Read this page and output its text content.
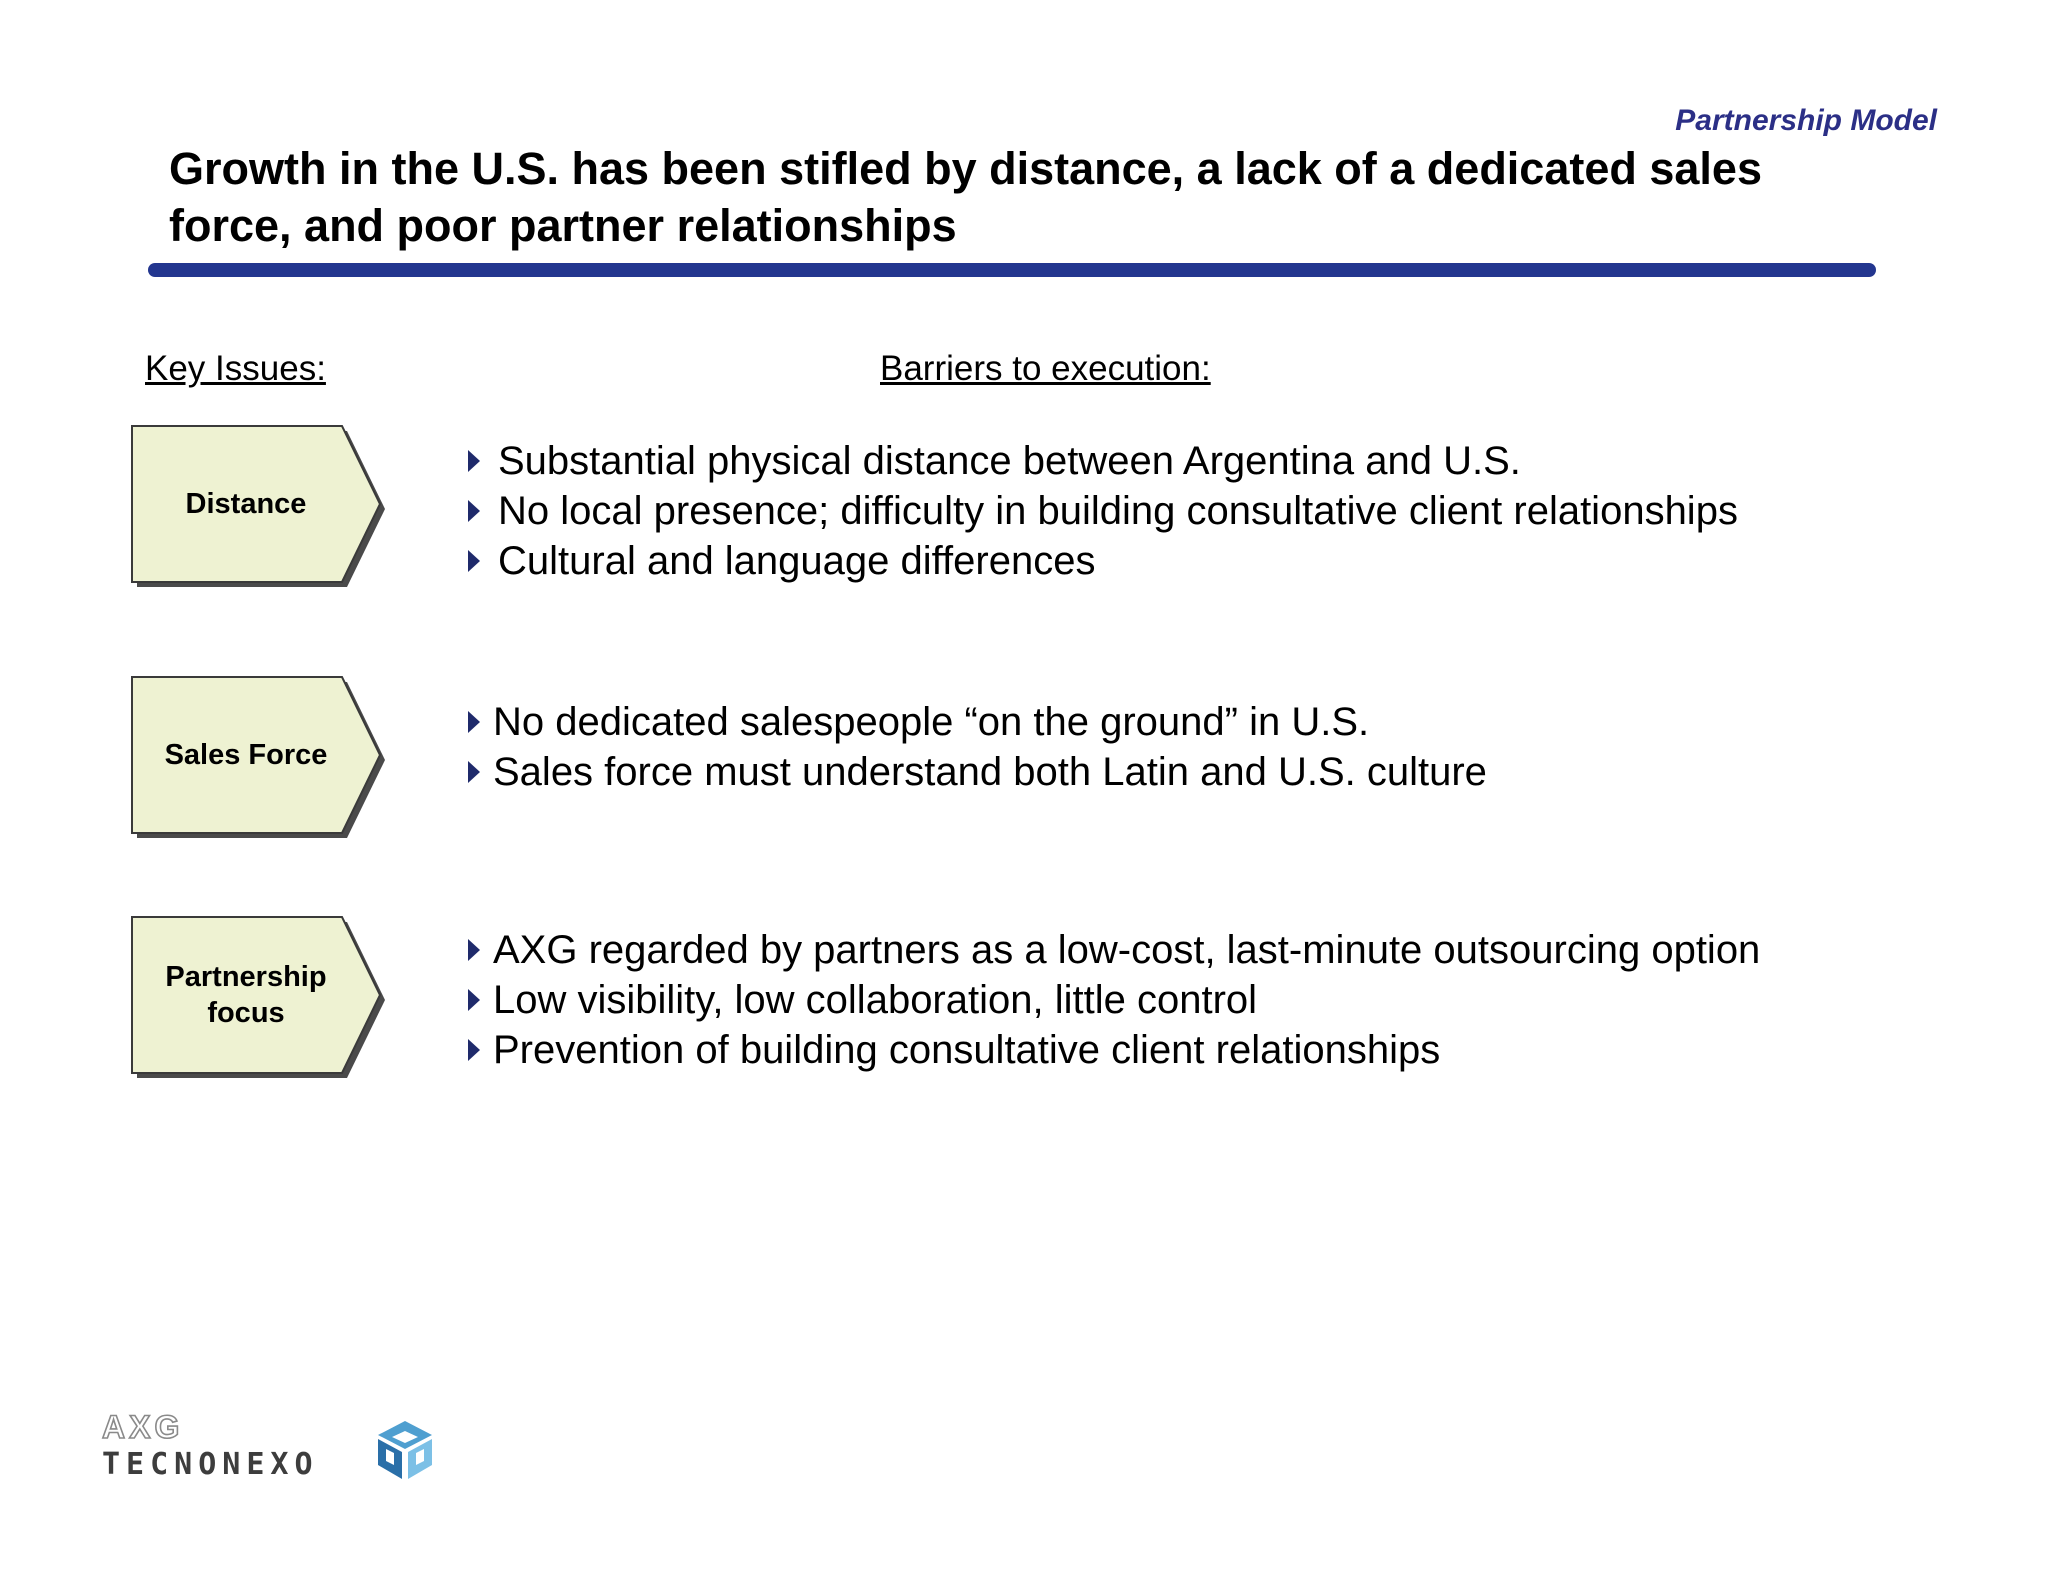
Partnership Model
Growth in the U.S. has been stifled by distance, a lack of a dedicated sales
force, and poor partner relationships
Key Issues:	Barriers to execution:
Distance
Substantial physical distance between Argentina and U.S.
No local presence; difficulty in building consultative client relationships
Cultural and language differences
Sales Force
No dedicated salespeople “on the ground” in U.S.
Sales force must understand both Latin and U.S. culture
Partnership
focus
AXG regarded by partners as a low-cost, last-minute outsourcing option
Low visibility, low collaboration, little control
Prevention of building consultative client relationships
AXG
TECNONEXO
